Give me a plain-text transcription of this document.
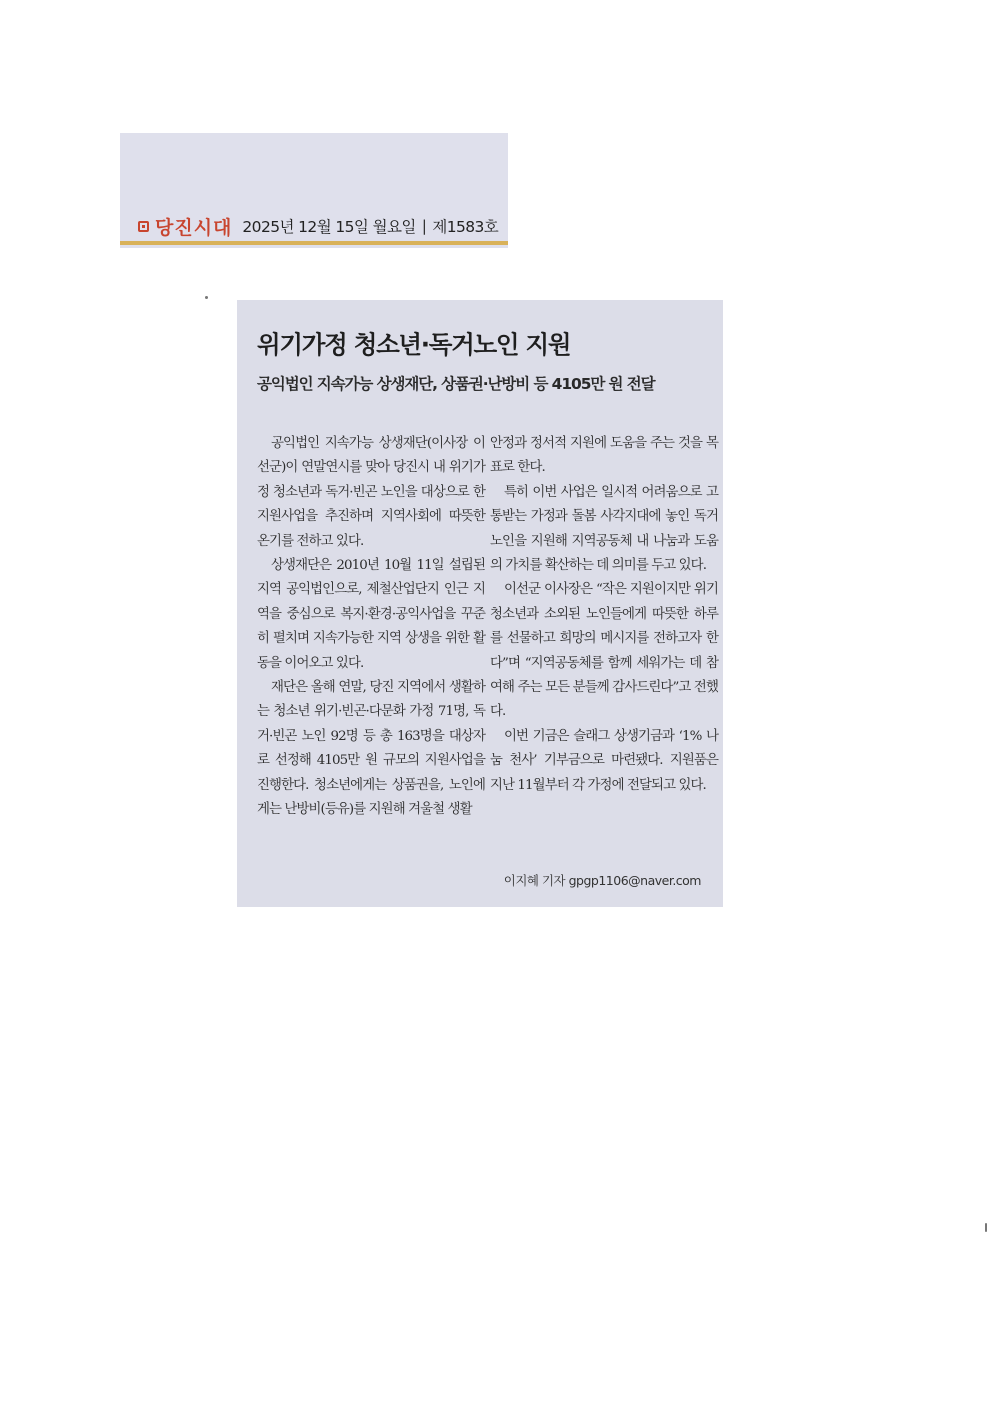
당진시대 2025년 12월 15일 월요일 | 제1583호
위기가정 청소년·독거노인 지원
공익법인 지속가능 상생재단, 상품권·난방비 등 4105만 원 전달

공익법인 지속가능 상생재단(이사장 이선군)이 연말연시를 맞아 당진시 내 위기가정 청소년과 독거·빈곤 노인을 대상으로 한 지원사업을 추진하며 지역사회에 따뜻한 온기를 전하고 있다.

상생재단은 2010년 10월 11일 설립된 지역 공익법인으로, 제철산업단지 인근 지역을 중심으로 복지·환경·공익사업을 꾸준히 펼치며 지속가능한 지역 상생을 위한 활동을 이어오고 있다.

재단은 올해 연말, 당진 지역에서 생활하는 청소년 위기·빈곤·다문화 가정 71명, 독거·빈곤 노인 92명 등 총 163명을 대상자로 선정해 4105만 원 규모의 지원사업을 진행한다. 청소년에게는 상품권을, 노인에게는 난방비(등유)를 지원해 겨울철 생활

안정과 정서적 지원에 도움을 주는 것을 목표로 한다.

특히 이번 사업은 일시적 어려움으로 고통받는 가정과 돌봄 사각지대에 놓인 독거노인을 지원해 지역공동체 내 나눔과 도움의 가치를 확산하는 데 의미를 두고 있다.

이선군 이사장은 “작은 지원이지만 위기 청소년과 소외된 노인들에게 따뜻한 하루를 선물하고 희망의 메시지를 전하고자 한다”며 “지역공동체를 함께 세워가는 데 참여해 주는 모든 분들께 감사드린다”고 전했다.

이번 기금은 슬래그 상생기금과 ‘1% 나눔 천사’ 기부금으로 마련됐다. 지원품은 지난 11월부터 각 가정에 전달되고 있다.

이지혜 기자 gpgp1106@naver.com
